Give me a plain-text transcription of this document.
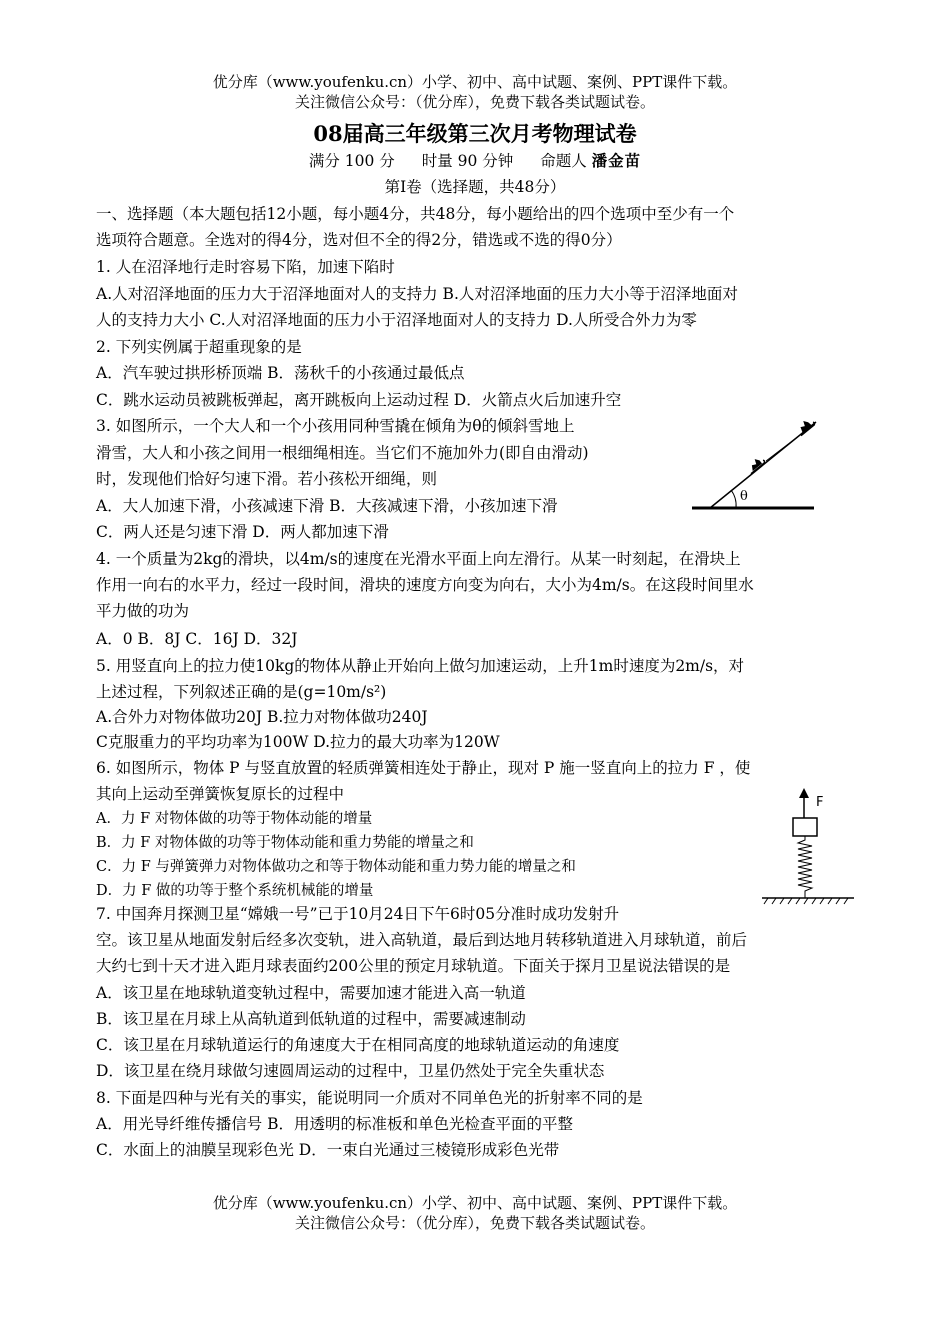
优分库（www.youfenku.cn）小学、初中、高中试题、案例、PPT课件下载。
关注微信公众号：（优分库），免费下载各类试题试卷。
08届高三年级第三次月考物理试卷
满分 100 分 时量 90 分钟 命题人 潘金苗
第Ⅰ卷（选择题，共48分）
一、选择题（本大题包括12小题，每小题4分，共48分，每小题给出的四个选项中至少有一个
选项符合题意。全选对的得4分，选对但不全的得2分，错选或不选的得0分）
1. 人在沼泽地行走时容易下陷，加速下陷时
A.人对沼泽地面的压力大于沼泽地面对人的支持力 B.人对沼泽地面的压力大小等于沼泽地面对
人的支持力大小 C.人对沼泽地面的压力小于沼泽地面对人的支持力 D.人所受合外力为零
2. 下列实例属于超重现象的是
A．汽车驶过拱形桥顶端 B．荡秋千的小孩通过最低点
C．跳水运动员被跳板弹起，离开跳板向上运动过程 D．火箭点火后加速升空
3. 如图所示，一个大人和一个小孩用同种雪撬在倾角为θ的倾斜雪地上
滑雪，大人和小孩之间用一根细绳相连。当它们不施加外力(即自由滑动)
时，发现他们恰好匀速下滑。若小孩松开细绳，则
A．大人加速下滑，小孩减速下滑 B．大孩减速下滑，小孩加速下滑
C．两人还是匀速下滑 D．两人都加速下滑
θ
4. 一个质量为2kg的滑块，以4m/s的速度在光滑水平面上向左滑行。从某一时刻起，在滑块上
作用一向右的水平力，经过一段时间，滑块的速度方向变为向右，大小为4m/s。在这段时间里水
平力做的功为
A．0 B．8J C．16J D．32J
5. 用竖直向上的拉力使10kg的物体从静止开始向上做匀加速运动，上升1m时速度为2m/s，对
上述过程，下列叙述正确的是(g=10m/s²)
A.合外力对物体做功20J B.拉力对物体做功240J
C克服重力的平均功率为100W D.拉力的最大功率为120W
6. 如图所示，物体 P 与竖直放置的轻质弹簧相连处于静止，现对 P 施一竖直向上的拉力 F ，使
其向上运动至弹簧恢复原长的过程中
A．力 F 对物体做的功等于物体动能的增量
B．力 F 对物体做的功等于物体动能和重力势能的增量之和
C．力 F 与弹簧弹力对物体做功之和等于物体动能和重力势力能的增量之和
D．力 F 做的功等于整个系统机械能的增量
F
7. 中国奔月探测卫星“嫦娥一号”已于10月24日下午6时05分准时成功发射升
空。该卫星从地面发射后经多次变轨，进入高轨道，最后到达地月转移轨道进入月球轨道，前后
大约七到十天才进入距月球表面约200公里的预定月球轨道。下面关于探月卫星说法错误的是
A．该卫星在地球轨道变轨过程中，需要加速才能进入高一轨道
B．该卫星在月球上从高轨道到低轨道的过程中，需要减速制动
C．该卫星在月球轨道运行的角速度大于在相同高度的地球轨道运动的角速度
D．该卫星在绕月球做匀速圆周运动的过程中，卫星仍然处于完全失重状态
8. 下面是四种与光有关的事实，能说明同一介质对不同单色光的折射率不同的是
A．用光导纤维传播信号 B．用透明的标准板和单色光检查平面的平整
C．水面上的油膜呈现彩色光 D．一束白光通过三棱镜形成彩色光带
优分库（www.youfenku.cn）小学、初中、高中试题、案例、PPT课件下载。
关注微信公众号：（优分库），免费下载各类试题试卷。
